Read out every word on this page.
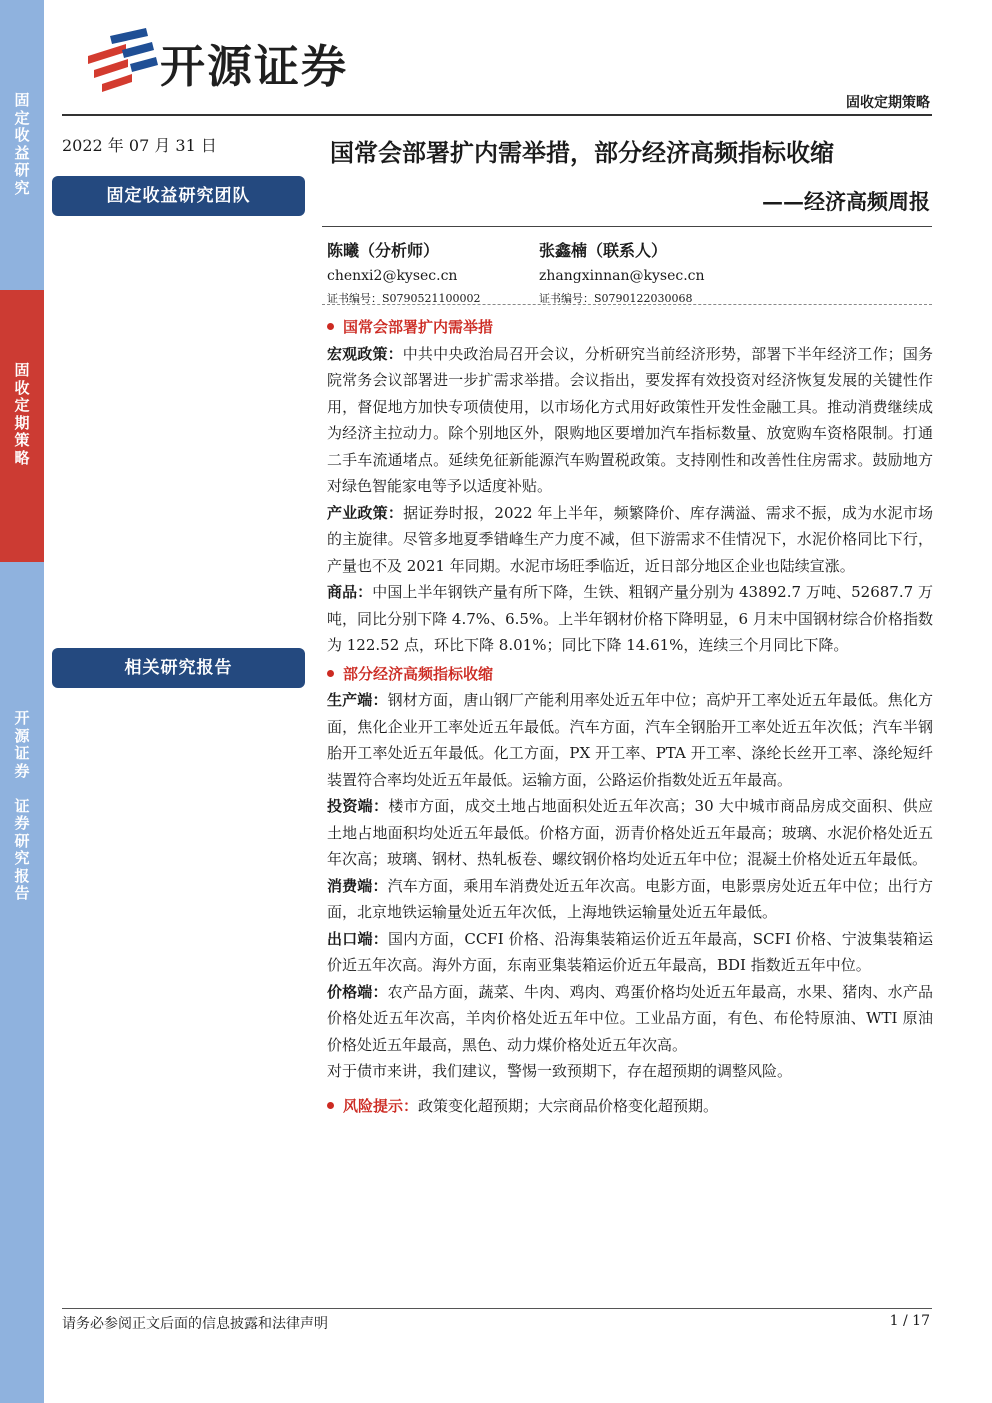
固
定
收
益
研
究
固
收
定
期
策
略
开
源
证
券

证
券
研
究
报
告
开源证券
固收定期策略
2022 年 07 月 31 日
固定收益研究团队
相关研究报告
国常会部署扩内需举措，部分经济高频指标收缩
——经济高频周报
陈曦（分析师）
chenxi2@kysec.cn
证书编号：S0790521100002
张鑫楠（联系人）
zhangxinnan@kysec.cn
证书编号：S0790122030068
国常会部署扩内需举措
宏观政策：中共中央政治局召开会议，分析研究当前经济形势，部署下半年经济工作；国务院常务会议部署进一步扩需求举措。会议指出，要发挥有效投资对经济恢复发展的关键性作用，督促地方加快专项债使用，以市场化方式用好政策性开发性金融工具。推动消费继续成为经济主拉动力。除个别地区外，限购地区要增加汽车指标数量、放宽购车资格限制。打通二手车流通堵点。延续免征新能源汽车购置税政策。支持刚性和改善性住房需求。鼓励地方对绿色智能家电等予以适度补贴。
产业政策：据证券时报，2022 年上半年，频繁降价、库存满溢、需求不振，成为水泥市场的主旋律。尽管多地夏季错峰生产力度不减，但下游需求不佳情况下，水泥价格同比下行，产量也不及 2021 年同期。水泥市场旺季临近，近日部分地区企业也陆续宣涨。
商品：中国上半年钢铁产量有所下降，生铁、粗钢产量分别为 43892.7 万吨、52687.7 万吨，同比分别下降 4.7%、6.5%。上半年钢材价格下降明显，6 月末中国钢材综合价格指数为 122.52 点，环比下降 8.01%；同比下降 14.61%，连续三个月同比下降。
部分经济高频指标收缩
生产端：钢材方面，唐山钢厂产能利用率处近五年中位；高炉开工率处近五年最低。焦化方面，焦化企业开工率处近五年最低。汽车方面，汽车全钢胎开工率处近五年次低；汽车半钢胎开工率处近五年最低。化工方面，PX 开工率、PTA 开工率、涤纶长丝开工率、涤纶短纤装置符合率均处近五年最低。运输方面，公路运价指数处近五年最高。
投资端：楼市方面，成交土地占地面积处近五年次高；30 大中城市商品房成交面积、供应土地占地面积均处近五年最低。价格方面，沥青价格处近五年最高；玻璃、水泥价格处近五年次高；玻璃、钢材、热轧板卷、螺纹钢价格均处近五年中位；混凝土价格处近五年最低。
消费端：汽车方面，乘用车消费处近五年次高。电影方面，电影票房处近五年中位；出行方面，北京地铁运输量处近五年次低，上海地铁运输量处近五年最低。
出口端：国内方面，CCFI 价格、沿海集装箱运价近五年最高，SCFI 价格、宁波集装箱运价近五年次高。海外方面，东南亚集装箱运价近五年最高，BDI 指数近五年中位。
价格端：农产品方面，蔬菜、牛肉、鸡肉、鸡蛋价格均处近五年最高，水果、猪肉、水产品价格处近五年次高，羊肉价格处近五年中位。工业品方面，有色、布伦特原油、WTI 原油价格处近五年最高，黑色、动力煤价格处近五年次高。
对于债市来讲，我们建议，警惕一致预期下，存在超预期的调整风险。
风险提示：政策变化超预期；大宗商品价格变化超预期。
请务必参阅正文后面的信息披露和法律声明	1 / 17
